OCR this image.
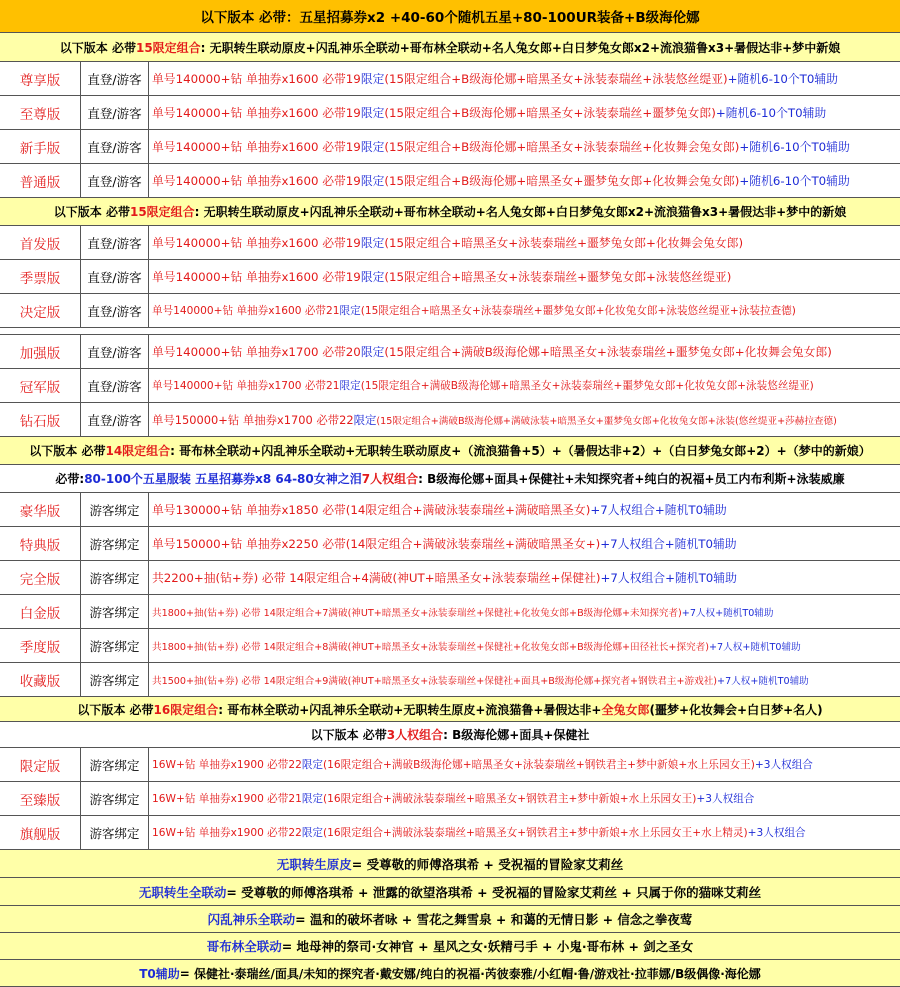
以下版本 必带：五星招募券x2 +40-60个随机五星+80-100UR装备+B级海伦娜
以下版本 必带 15限定组合 : 无职转生联动原皮+闪乱神乐全联动+哥布林全联动+名人兔女郎+白日梦兔女郎x2+流浪猫鲁x3+暑假达非+梦中新娘
尊享版	直登/游客 单号140000+钻 单抽券x1600 必带19限定(15限定组合+B级海伦娜+暗黑圣女+泳装泰瑞丝+泳装悠丝缇亚)+随机6-10个T0辅助
至尊版	直登/游客 单号140000+钻 单抽券x1600 必带19限定(15限定组合+B级海伦娜+暗黑圣女+泳装泰瑞丝+噩梦兔女郎)+随机6-10个T0辅助
新手版	直登/游客 单号140000+钻 单抽券x1600 必带19限定(15限定组合+B级海伦娜+暗黑圣女+泳装泰瑞丝+化妆舞会兔女郎)+随机6-10个T0辅助
普通版	直登/游客 单号140000+钻 单抽券x1600 必带19限定(15限定组合+B级海伦娜+暗黑圣女+噩梦兔女郎+化妆舞会兔女郎)+随机6-10个T0辅助
以下版本 必带 15限定组合 : 无职转生联动原皮+闪乱神乐全联动+哥布林全联动+名人兔女郎+白日梦兔女郎x2+流浪猫鲁x3+暑假达非+梦中的新娘
首发版	直登/游客 单号140000+钻 单抽券x1600 必带19限定(15限定组合+暗黑圣女+泳装泰瑞丝+噩梦兔女郎+化妆舞会兔女郎)
季票版	直登/游客 单号140000+钻 单抽券x1600 必带19限定(15限定组合+暗黑圣女+泳装泰瑞丝+噩梦兔女郎+泳装悠丝缇亚)
决定版	直登/游客 单号140000+钻 单抽券x1600 必带21限定(15限定组合+暗黑圣女+泳装泰瑞丝+噩梦兔女郎+化妆兔女郎+泳装悠丝缇亚+泳装拉查德)
加强版	直登/游客 单号140000+钻 单抽券x1700 必带20限定(15限定组合+满破B级海伦娜+暗黑圣女+泳装泰瑞丝+噩梦兔女郎+化妆舞会兔女郎)
冠军版	直登/游客 单号140000+钻 单抽券x1700 必带21限定(15限定组合+满破B级海伦娜+暗黑圣女+泳装泰瑞丝+噩梦兔女郎+化妆兔女郎+泳装悠丝缇亚)
钻石版	直登/游客 单号150000+钻 单抽券x1700 必带22限定(15限定组合+满破B级海伦娜+满破泳装+暗黑圣女+噩梦兔女郎+化妆兔女郎+泳装(悠丝缇亚+莎赫拉查德)
以下版本 必带 14限定组合 : 哥布林全联动+闪乱神乐全联动+无职转生联动原皮+（流浪猫鲁+5）+（暑假达非+2）+（白日梦兔女郎+2）+（梦中的新娘）
必带: 80-100个五星服装 五星招募券x8 64-80女神之泪 7人权组合 : B级海伦娜+面具+保健社+未知探究者+纯白的祝福+员工内布利斯+泳装威廉
豪华版	游客绑定	单号130000+钻 单抽券x1850 必带(14限定组合+满破泳装泰瑞丝+满破暗黑圣女)+7人权组合+随机T0辅助
特典版	游客绑定	单号150000+钻 单抽券x2250 必带(14限定组合+满破泳装泰瑞丝+满破暗黑圣女+)+7人权组合+随机T0辅助
完全版	游客绑定	共2200+抽(钻+券) 必带 14限定组合+4满破(神UT+暗黑圣女+泳装泰瑞丝+保健社)+7人权组合+随机T0辅助
白金版	游客绑定	共1800+抽(钻+券) 必带 14限定组合+7满破(神UT+暗黑圣女+泳装泰瑞丝+保健社+化妆兔女郎+B级海伦娜+未知探究者)+7人权+随机T0辅助
季度版	游客绑定	共1800+抽(钻+券) 必带 14限定组合+8满破(神UT+暗黑圣女+泳装泰瑞丝+保健社+化妆兔女郎+B级海伦娜+田径社长+探究者)+7人权+随机T0辅助
收藏版	游客绑定	共1500+抽(钻+券) 必带 14限定组合+9满破(神UT+暗黑圣女+泳装泰瑞丝+保健社+面具+B级海伦娜+探究者+钢铁君主+游戏社)+7人权+随机T0辅助
以下版本 必带 16限定组合 : 哥布林全联动+闪乱神乐全联动+无职转生原皮+流浪猫鲁+暑假达非+ 全兔女郎 (噩梦+化妆舞会+白日梦+名人)
以下版本 必带 3人权组合 : B级海伦娜+面具+保健社
限定版	游客绑定	16W+钻 单抽券x1900 必带22限定(16限定组合+满破B级海伦娜+暗黑圣女+泳装泰瑞丝+钢铁君主+梦中新娘+水上乐园女王)+3人权组合
至臻版	游客绑定	16W+钻 单抽券x1900 必带21限定(16限定组合+满破泳装泰瑞丝+暗黑圣女+钢铁君主+梦中新娘+水上乐园女王)+3人权组合
旗舰版	游客绑定	16W+钻 单抽券x1900 必带22限定(16限定组合+满破泳装泰瑞丝+暗黑圣女+钢铁君主+梦中新娘+水上乐园女王+水上精灵)+3人权组合
无职转生原皮 = 受尊敬的师傅洛琪希 + 受祝福的冒险家艾莉丝
无职转生全联动 = 受尊敬的师傅洛琪希 + 泄露的欲望洛琪希 + 受祝福的冒险家艾莉丝 + 只属于你的猫咪艾莉丝
闪乱神乐全联动 = 温和的破坏者咏 + 雪花之舞雪泉 + 和蔼的无情日影 + 信念之拳夜莺
哥布林全联动 = 地母神的祭司·女神官 + 星风之女·妖精弓手 + 小鬼·哥布林 + 剑之圣女
T0辅助 = 保健社·泰瑞丝/面具/未知的探究者·戴安娜/纯白的祝福·芮彼泰雅/小红帽·鲁/游戏社·拉菲娜/B级偶像·海伦娜
